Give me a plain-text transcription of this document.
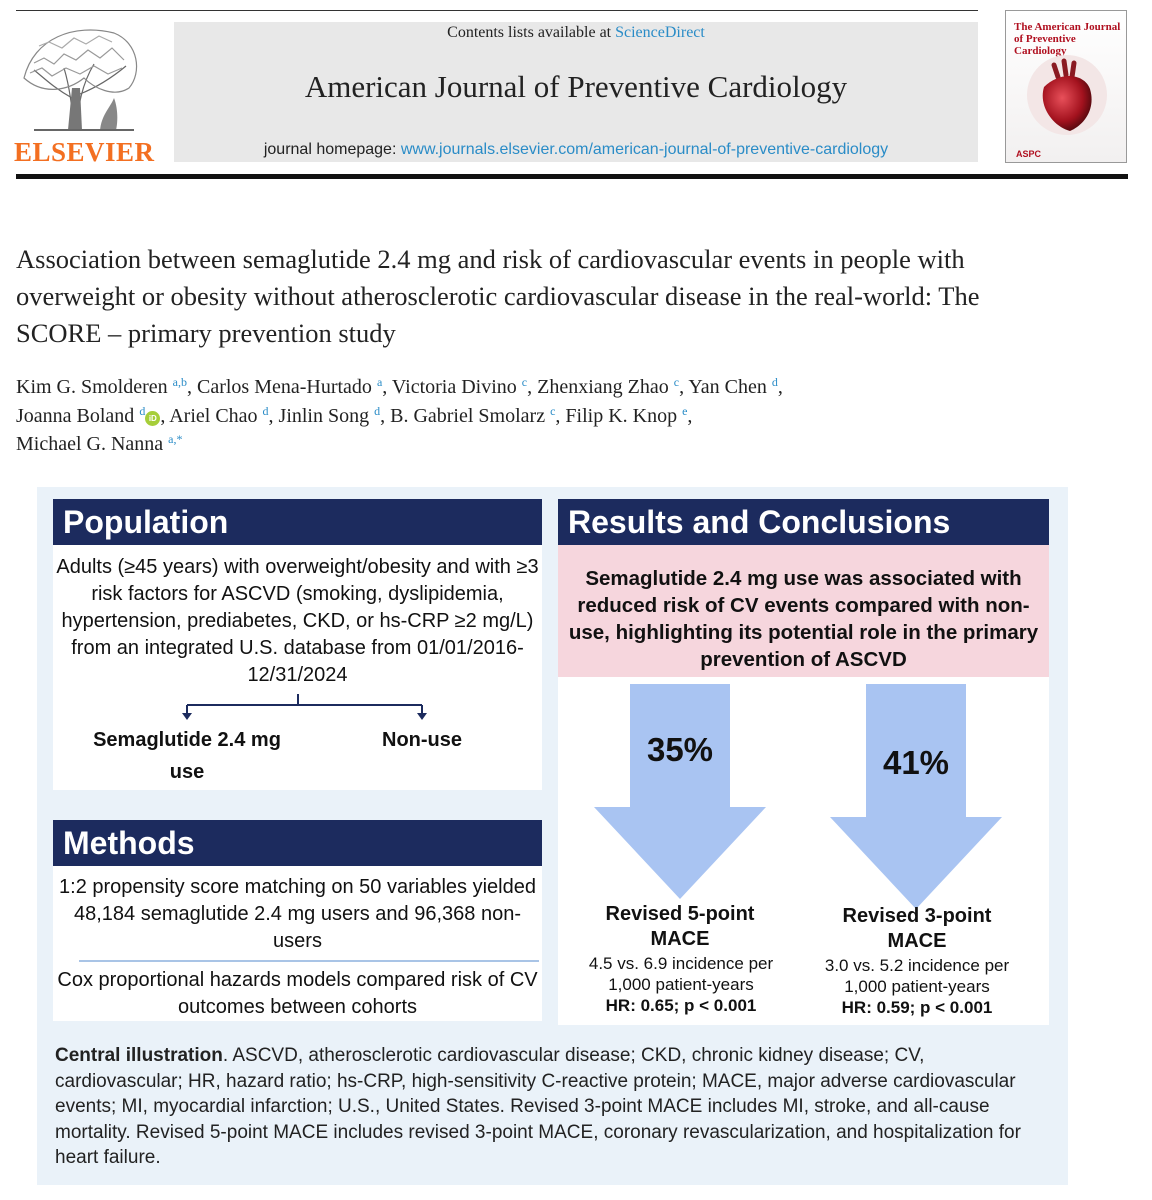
ELSEVIER
Contents lists available at ScienceDirect
American Journal of Preventive Cardiology
journal homepage: www.journals.elsevier.com/american-journal-of-preventive-cardiology
The American Journal of Preventive Cardiology
ASPC
Association between semaglutide 2.4 mg and risk of cardiovascular events in people with overweight or obesity without atherosclerotic cardiovascular disease in the real-world: The SCORE – primary prevention study
Kim G. Smolderen $^{a,b}$, Carlos Mena-Hurtado $^a$, Victoria Divino $^c$, Zhenxiang Zhao $^c$, Yan Chen $^d$,
Joanna Boland $^d$iD , Ariel Chao $^d$, Jinlin Song $^d$, B. Gabriel Smolarz $^c$, Filip K. Knop $^e$,
Michael G. Nanna $^{a,*}$
Population
Adults (≥45 years) with overweight/obesity and with ≥3 risk factors for ASCVD (smoking, dyslipidemia, hypertension, prediabetes, CKD, or hs-CRP ≥2 mg/L) from an integrated U.S. database from 01/01/2016-12/31/2024
Semaglutide 2.4 mg use
Non-use
Methods
1:2 propensity score matching on 50 variables yielded 48,184 semaglutide 2.4 mg users and 96,368 non-users
Cox proportional hazards models compared risk of CV outcomes between cohorts
Results and Conclusions
Semaglutide 2.4 mg use was associated with reduced risk of CV events compared with non-use, highlighting its potential role in the primary prevention of ASCVD
35%	41%
Revised 5-point MACE
4.5 vs. 6.9 incidence per 1,000 patient-years
HR: 0.65; p < 0.001
Revised 3-point MACE
3.0 vs. 5.2 incidence per 1,000 patient-years
HR: 0.59; p < 0.001
Central illustration. ASCVD, atherosclerotic cardiovascular disease; CKD, chronic kidney disease; CV, cardiovascular; HR, hazard ratio; hs-CRP, high-sensitivity C-reactive protein; MACE, major adverse cardiovascular events; MI, myocardial infarction; U.S., United States. Revised 3-point MACE includes MI, stroke, and all-cause mortality. Revised 5-point MACE includes revised 3-point MACE, coronary revascularization, and hospitalization for heart failure.
